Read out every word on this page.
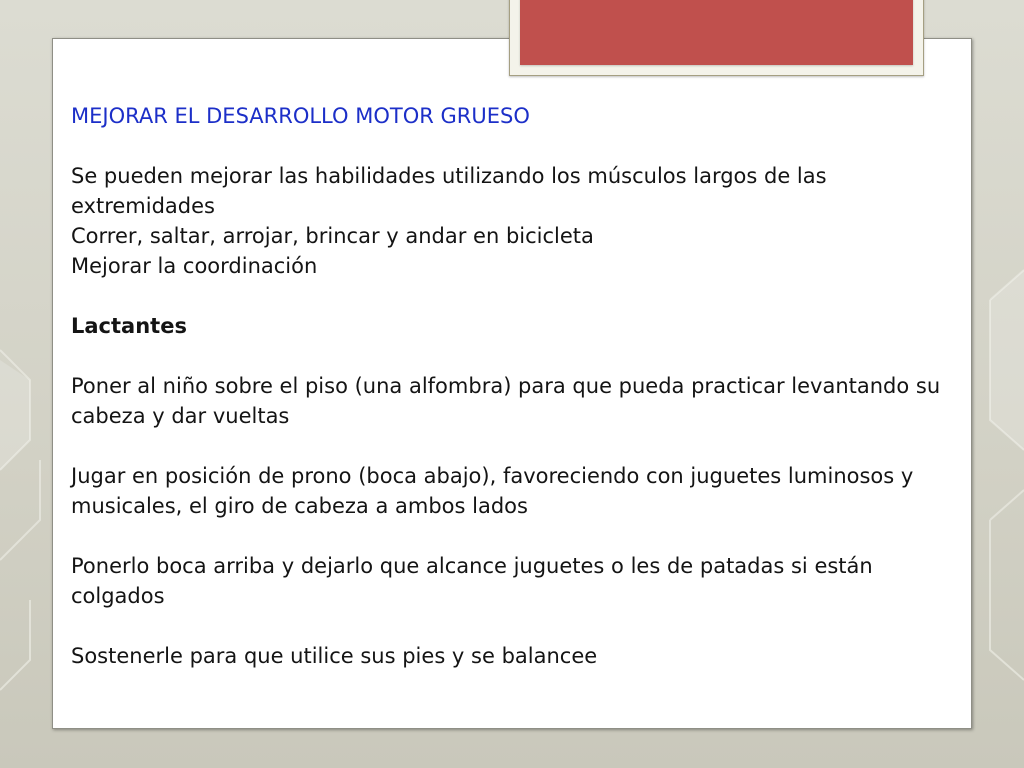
MEJORAR EL DESARROLLO MOTOR GRUESO

Se pueden mejorar las habilidades utilizando los músculos largos de las extremidades

Correr, saltar, arrojar, brincar y andar en bicicleta

Mejorar la coordinación

Lactantes

Poner al niño sobre el piso (una alfombra) para que pueda practicar levantando su cabeza y dar vueltas

Jugar en posición de prono (boca abajo), favoreciendo con juguetes luminosos y musicales, el giro de cabeza a ambos lados

Ponerlo boca arriba y dejarlo que alcance juguetes o les de patadas si están colgados

Sostenerle para que utilice sus pies y se balancee
